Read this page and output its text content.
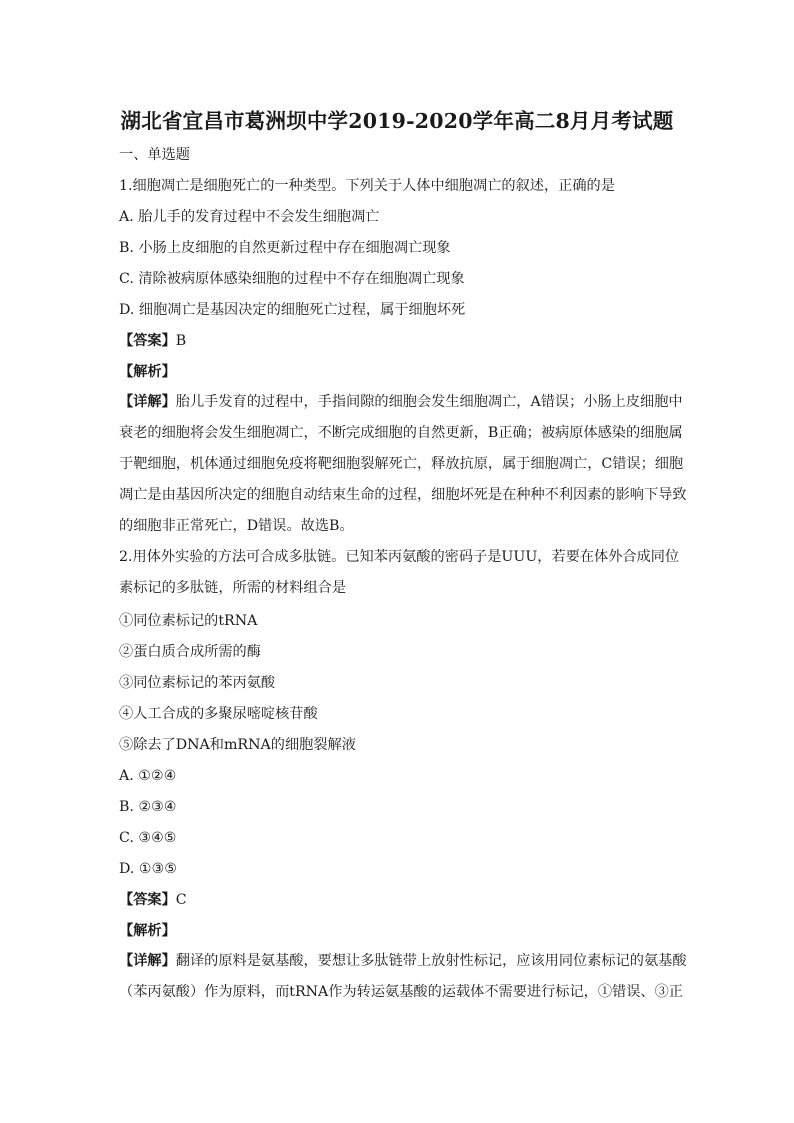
湖北省宜昌市葛洲坝中学2019-2020学年高二8月月考试题
一、单选题
1.细胞凋亡是细胞死亡的一种类型。下列关于人体中细胞凋亡的叙述，正确的是
A. 胎儿手的发育过程中不会发生细胞凋亡
B. 小肠上皮细胞的自然更新过程中存在细胞凋亡现象
C. 清除被病原体感染细胞的过程中不存在细胞凋亡现象
D. 细胞凋亡是基因决定的细胞死亡过程，属于细胞坏死
【答案】B
【解析】
【详解】胎儿手发育的过程中，手指间隙的细胞会发生细胞凋亡，A错误；小肠上皮细胞中
衰老的细胞将会发生细胞凋亡，不断完成细胞的自然更新，B正确；被病原体感染的细胞属
于靶细胞，机体通过细胞免疫将靶细胞裂解死亡，释放抗原，属于细胞凋亡，C错误；细胞
凋亡是由基因所决定的细胞自动结束生命的过程，细胞坏死是在种种不利因素的影响下导致
的细胞非正常死亡，D错误。故选B。
2.用体外实验的方法可合成多肽链。已知苯丙氨酸的密码子是UUU，若要在体外合成同位
素标记的多肽链，所需的材料组合是
①同位素标记的tRNA
②蛋白质合成所需的酶
③同位素标记的苯丙氨酸
④人工合成的多聚尿嘧啶核苷酸
⑤除去了DNA和mRNA的细胞裂解液
A. ①②④
B. ②③④
C. ③④⑤
D. ①③⑤
【答案】C
【解析】
【详解】翻译的原料是氨基酸，要想让多肽链带上放射性标记，应该用同位素标记的氨基酸
（苯丙氨酸）作为原料，而tRNA作为转运氨基酸的运载体不需要进行标记，①错误、③正
